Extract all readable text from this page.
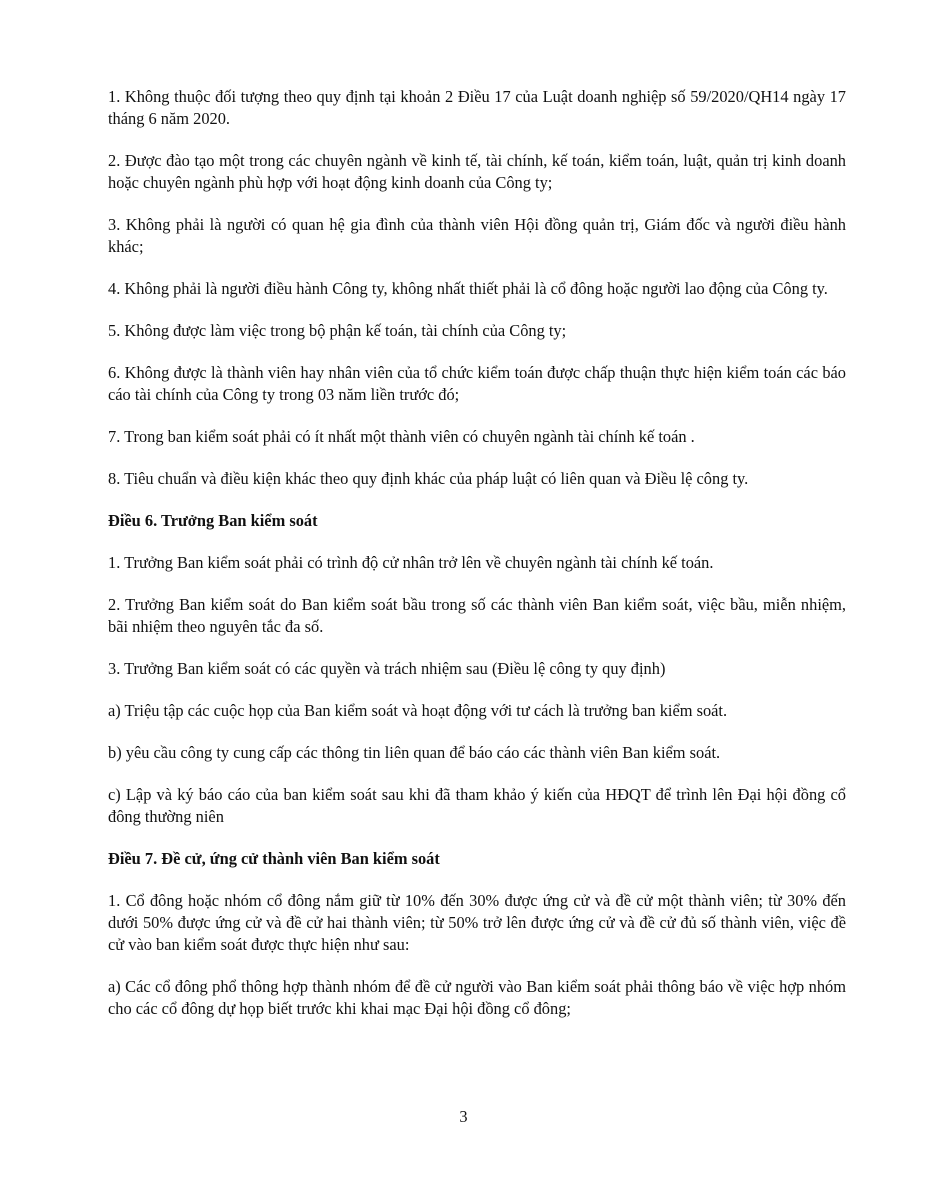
1. Không thuộc đối tượng theo quy định tại khoản 2 Điều 17 của Luật doanh nghiệp số 59/2020/QH14 ngày 17 tháng 6 năm 2020.

2. Được đào tạo một trong các chuyên ngành về kinh tế, tài chính, kế toán, kiểm toán, luật, quản trị kinh doanh hoặc chuyên ngành phù hợp với hoạt động kinh doanh của Công ty;

3. Không phải là người có quan hệ gia đình của thành viên Hội đồng quản trị, Giám đốc và người điều hành khác;

4. Không phải là người điều hành Công ty, không nhất thiết phải là cổ đông hoặc người lao động của Công ty.

5. Không được làm việc trong bộ phận kế toán, tài chính của Công ty;

6. Không được là thành viên hay nhân viên của tổ chức kiểm toán được chấp thuận thực hiện kiểm toán các báo cáo tài chính của Công ty trong 03 năm liền trước đó;

7. Trong ban kiểm soát phải có ít nhất một thành viên có chuyên ngành tài chính kế toán .

8. Tiêu chuẩn và điều kiện khác theo quy định khác của pháp luật có liên quan và Điều lệ công ty.

Điều 6. Trưởng Ban kiểm soát

1. Trưởng Ban kiểm soát phải có trình độ cử nhân trở lên về chuyên ngành tài chính kế toán.

2. Trưởng Ban kiểm soát do Ban kiểm soát bầu trong số các thành viên Ban kiểm soát, việc bầu, miễn nhiệm, bãi nhiệm theo nguyên tắc đa số.

3. Trưởng Ban kiểm soát có các quyền và trách nhiệm sau (Điều lệ công ty quy định)

a) Triệu tập các cuộc họp của Ban kiểm soát và hoạt động với tư cách là trưởng ban kiểm soát.

b) yêu cầu công ty cung cấp các thông tin liên quan để báo cáo các thành viên Ban kiểm soát.

c) Lập và ký báo cáo của ban kiểm soát sau khi đã tham khảo ý kiến của HĐQT để trình lên Đại hội đồng cổ đông thường niên

Điều 7. Đề cử, ứng cử thành viên Ban kiểm soát

1. Cổ đông hoặc nhóm cổ đông nắm giữ từ 10% đến 30% được ứng cử và đề cử một thành viên; từ 30% đến dưới 50% được ứng cử và đề cử hai thành viên; từ 50% trở lên được ứng cử và đề cử đủ số thành viên, việc đề cử vào ban kiểm soát được thực hiện như sau:

a) Các cổ đông phổ thông hợp thành nhóm để đề cử người vào Ban kiểm soát phải thông báo về việc hợp nhóm cho các cổ đông dự họp biết trước khi khai mạc Đại hội đồng cổ đông;

3
